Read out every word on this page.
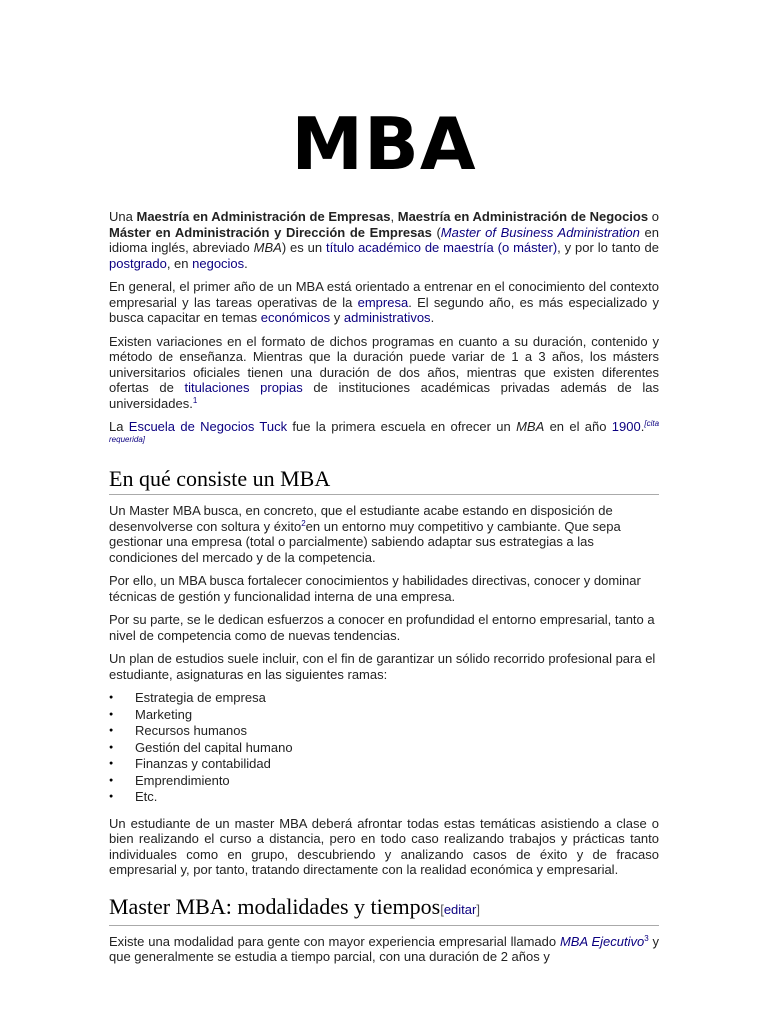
MBA

Una Maestría en Administración de Empresas, Maestría en Administración de Negocios o Máster en Administración y Dirección de Empresas (Master of Business Administration en idioma inglés, abreviado MBA) es un título académico de maestría (o máster), y por lo tanto de postgrado, en negocios.

En general, el primer año de un MBA está orientado a entrenar en el conocimiento del contexto empresarial y las tareas operativas de la empresa. El segundo año, es más especializado y busca capacitar en temas económicos y administrativos.

Existen variaciones en el formato de dichos programas en cuanto a su duración, contenido y método de enseñanza. Mientras que la duración puede variar de 1 a 3 años, los másters universitarios oficiales tienen una duración de dos años, mientras que existen diferentes ofertas de titulaciones propias de instituciones académicas privadas además de las universidades.$^1$

La Escuela de Negocios Tuck fue la primera escuela en ofrecer un MBA en el año 1900.[cita requerida]

En qué consiste un MBA

Un Master MBA busca, en concreto, que el estudiante acabe estando en disposición de desenvolverse con soltura y éxito$^2$en un entorno muy competitivo y cambiante. Que sepa gestionar una empresa (total o parcialmente) sabiendo adaptar sus estrategias a las condiciones del mercado y de la competencia.

Por ello, un MBA busca fortalecer conocimientos y habilidades directivas, conocer y dominar técnicas de gestión y funcionalidad interna de una empresa.

Por su parte, se le dedican esfuerzos a conocer en profundidad el entorno empresarial, tanto a nivel de competencia como de nuevas tendencias.

Un plan de estudios suele incluir, con el fin de garantizar un sólido recorrido profesional para el estudiante, asignaturas en las siguientes ramas:

● Estrategia de empresa
● Marketing
● Recursos humanos
● Gestión del capital humano
● Finanzas y contabilidad
● Emprendimiento
● Etc.

Un estudiante de un master MBA deberá afrontar todas estas temáticas asistiendo a clase o bien realizando el curso a distancia, pero en todo caso realizando trabajos y prácticas tanto individuales como en grupo, descubriendo y analizando casos de éxito y de fracaso empresarial y, por tanto, tratando directamente con la realidad económica y empresarial.

Master MBA: modalidades y tiempos[editar]

Existe una modalidad para gente con mayor experiencia empresarial llamado MBA Ejecutivo$^3$ y que generalmente se estudia a tiempo parcial, con una duración de 2 años y
